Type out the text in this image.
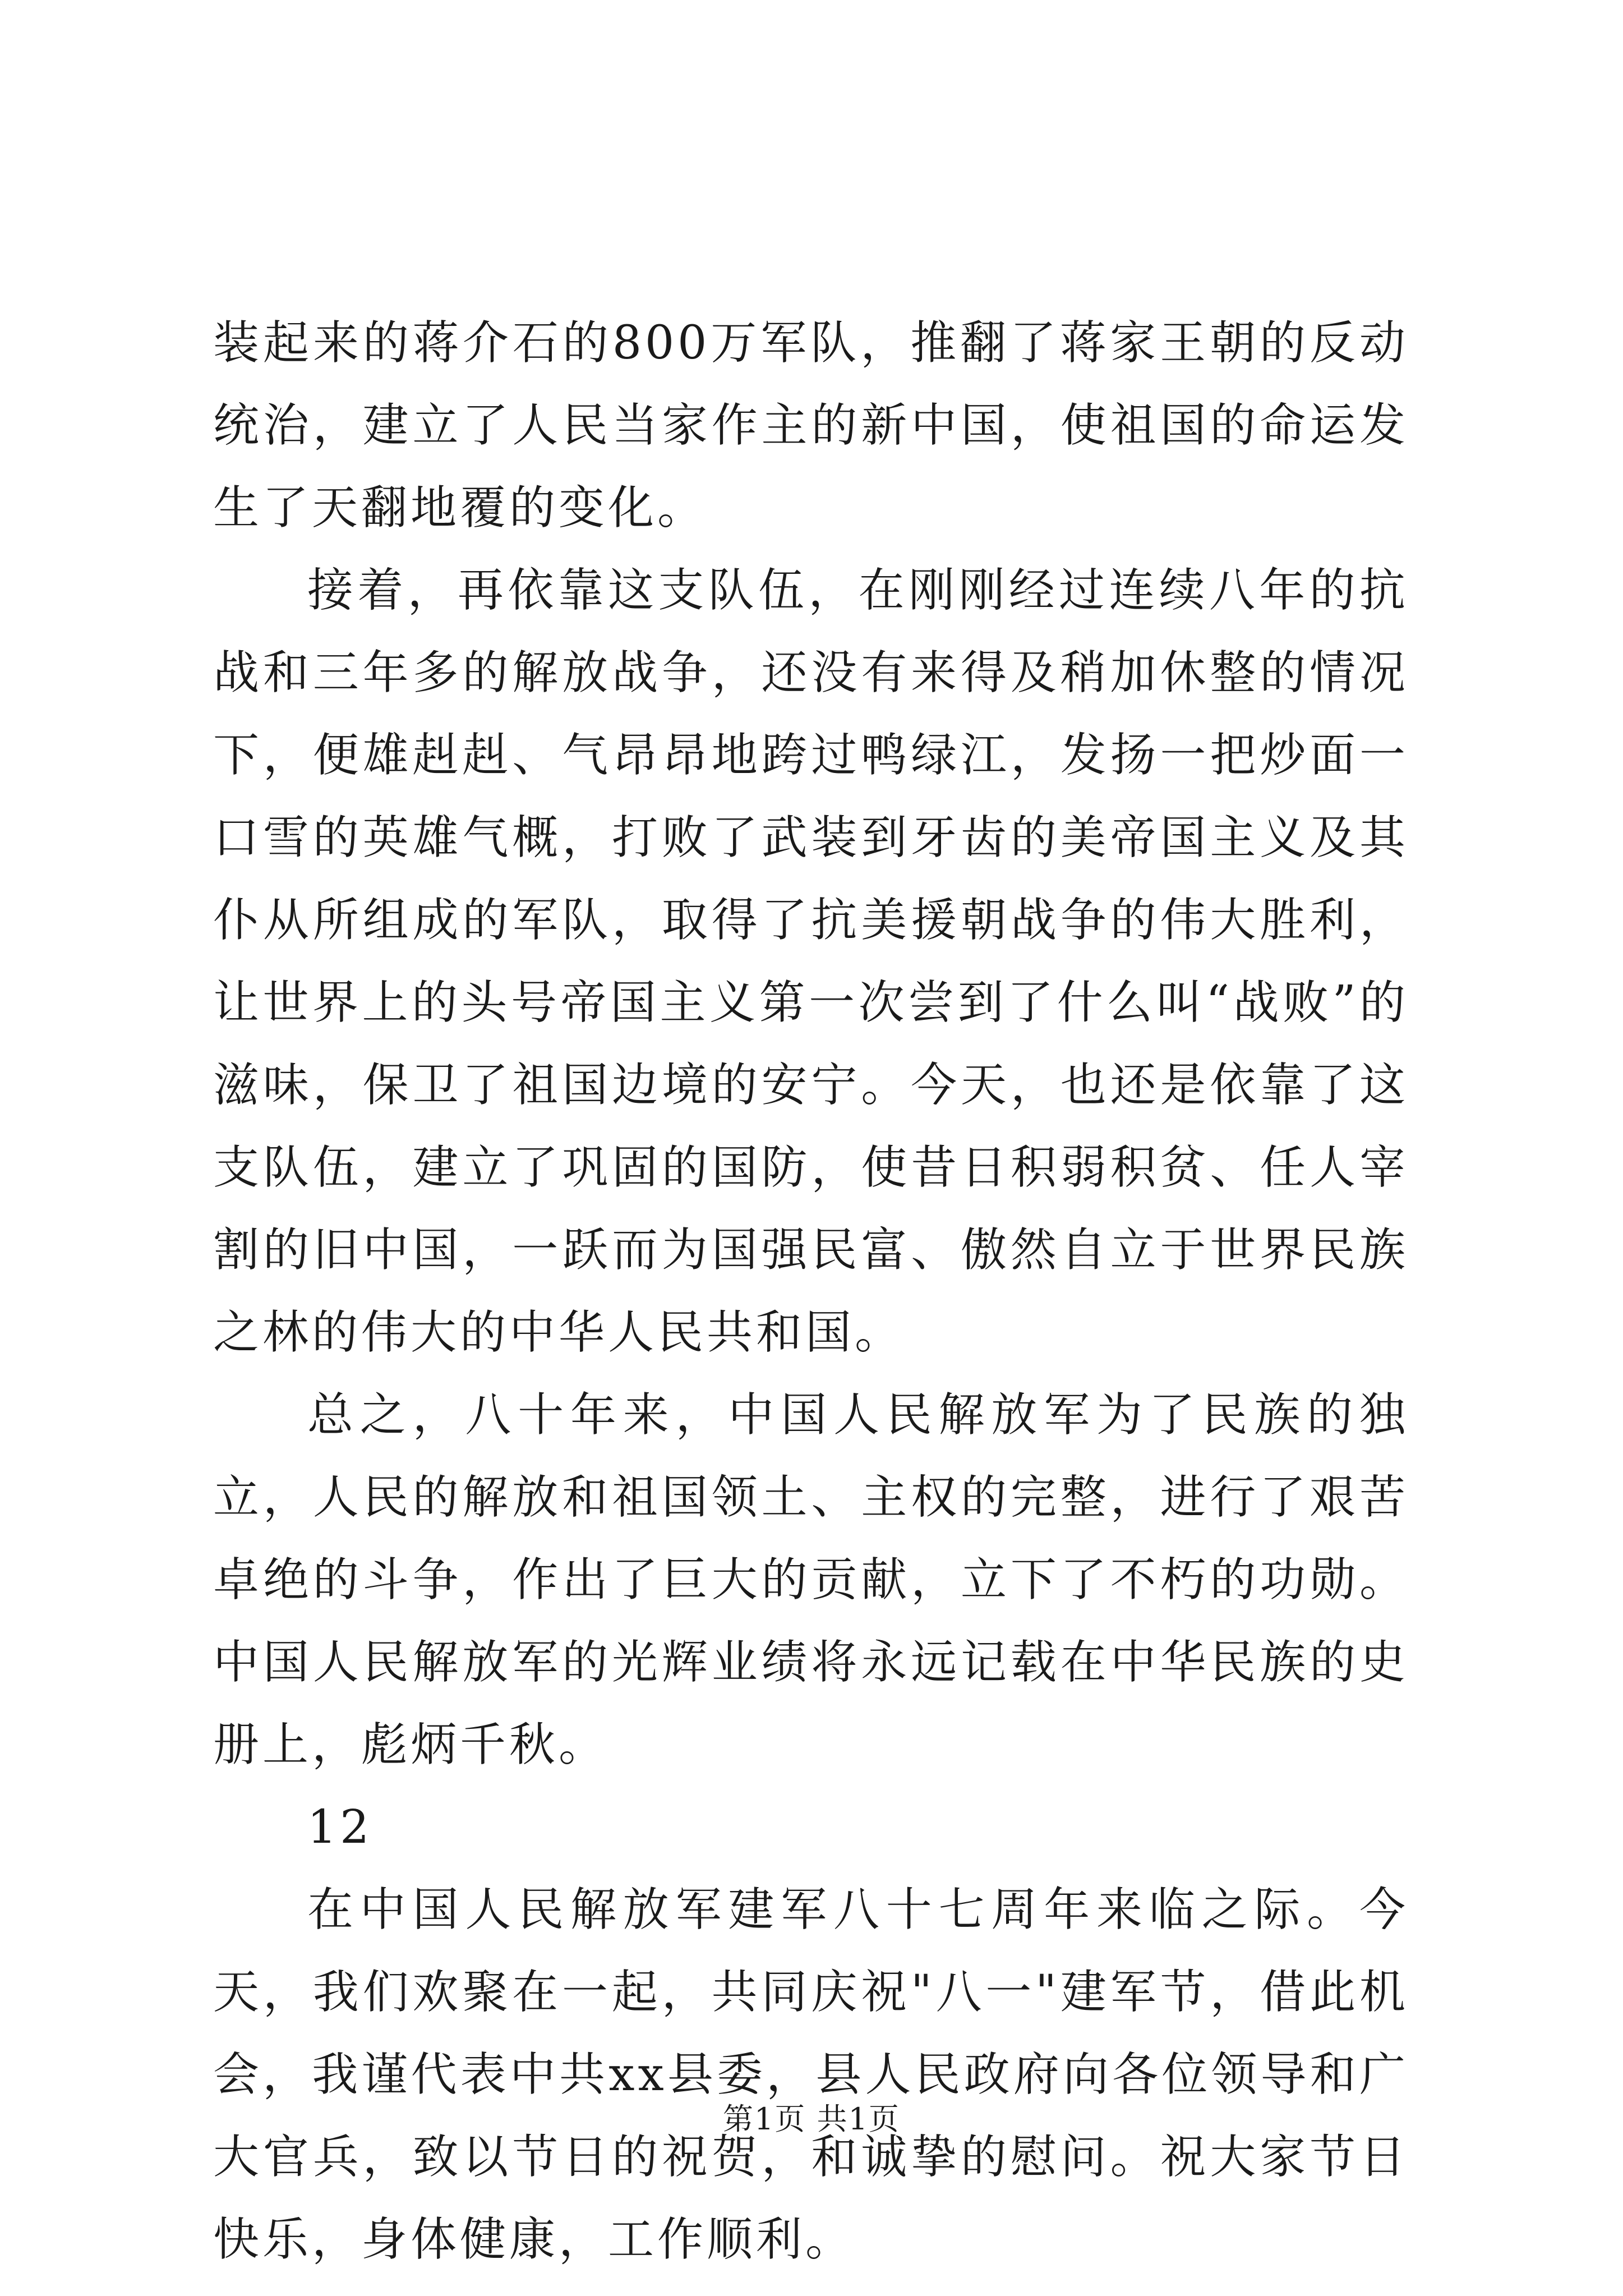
装起来的蒋介石的800万军队，推翻了蒋家王朝的反动统治，建立了人民当家作主的新中国，使祖国的命运发生了天翻地覆的变化。

接着，再依靠这支队伍，在刚刚经过连续八年的抗战和三年多的解放战争，还没有来得及稍加休整的情况下，便雄赳赳、气昂昂地跨过鸭绿江，发扬一把炒面一口雪的英雄气概，打败了武装到牙齿的美帝国主义及其仆从所组成的军队，取得了抗美援朝战争的伟大胜利，让世界上的头号帝国主义第一次尝到了什么叫“战败”的滋味，保卫了祖国边境的安宁。今天，也还是依靠了这支队伍，建立了巩固的国防，使昔日积弱积贫、任人宰割的旧中国，一跃而为国强民富、傲然自立于世界民族之林的伟大的中华人民共和国。

总之，八十年来，中国人民解放军为了民族的独立，人民的解放和祖国领土、主权的完整，进行了艰苦卓绝的斗争，作出了巨大的贡献，立下了不朽的功勋。中国人民解放军的光辉业绩将永远记载在中华民族的史册上，彪炳千秋。

12

在中国人民解放军建军八十七周年来临之际。今天，我们欢聚在一起，共同庆祝"八一"建军节，借此机会，我谨代表中共xx县委，县人民政府向各位领导和广大官兵，致以节日的祝贺，和诚挚的慰问。祝大家节日快乐，身体健康，工作顺利。

第1页 共1页
